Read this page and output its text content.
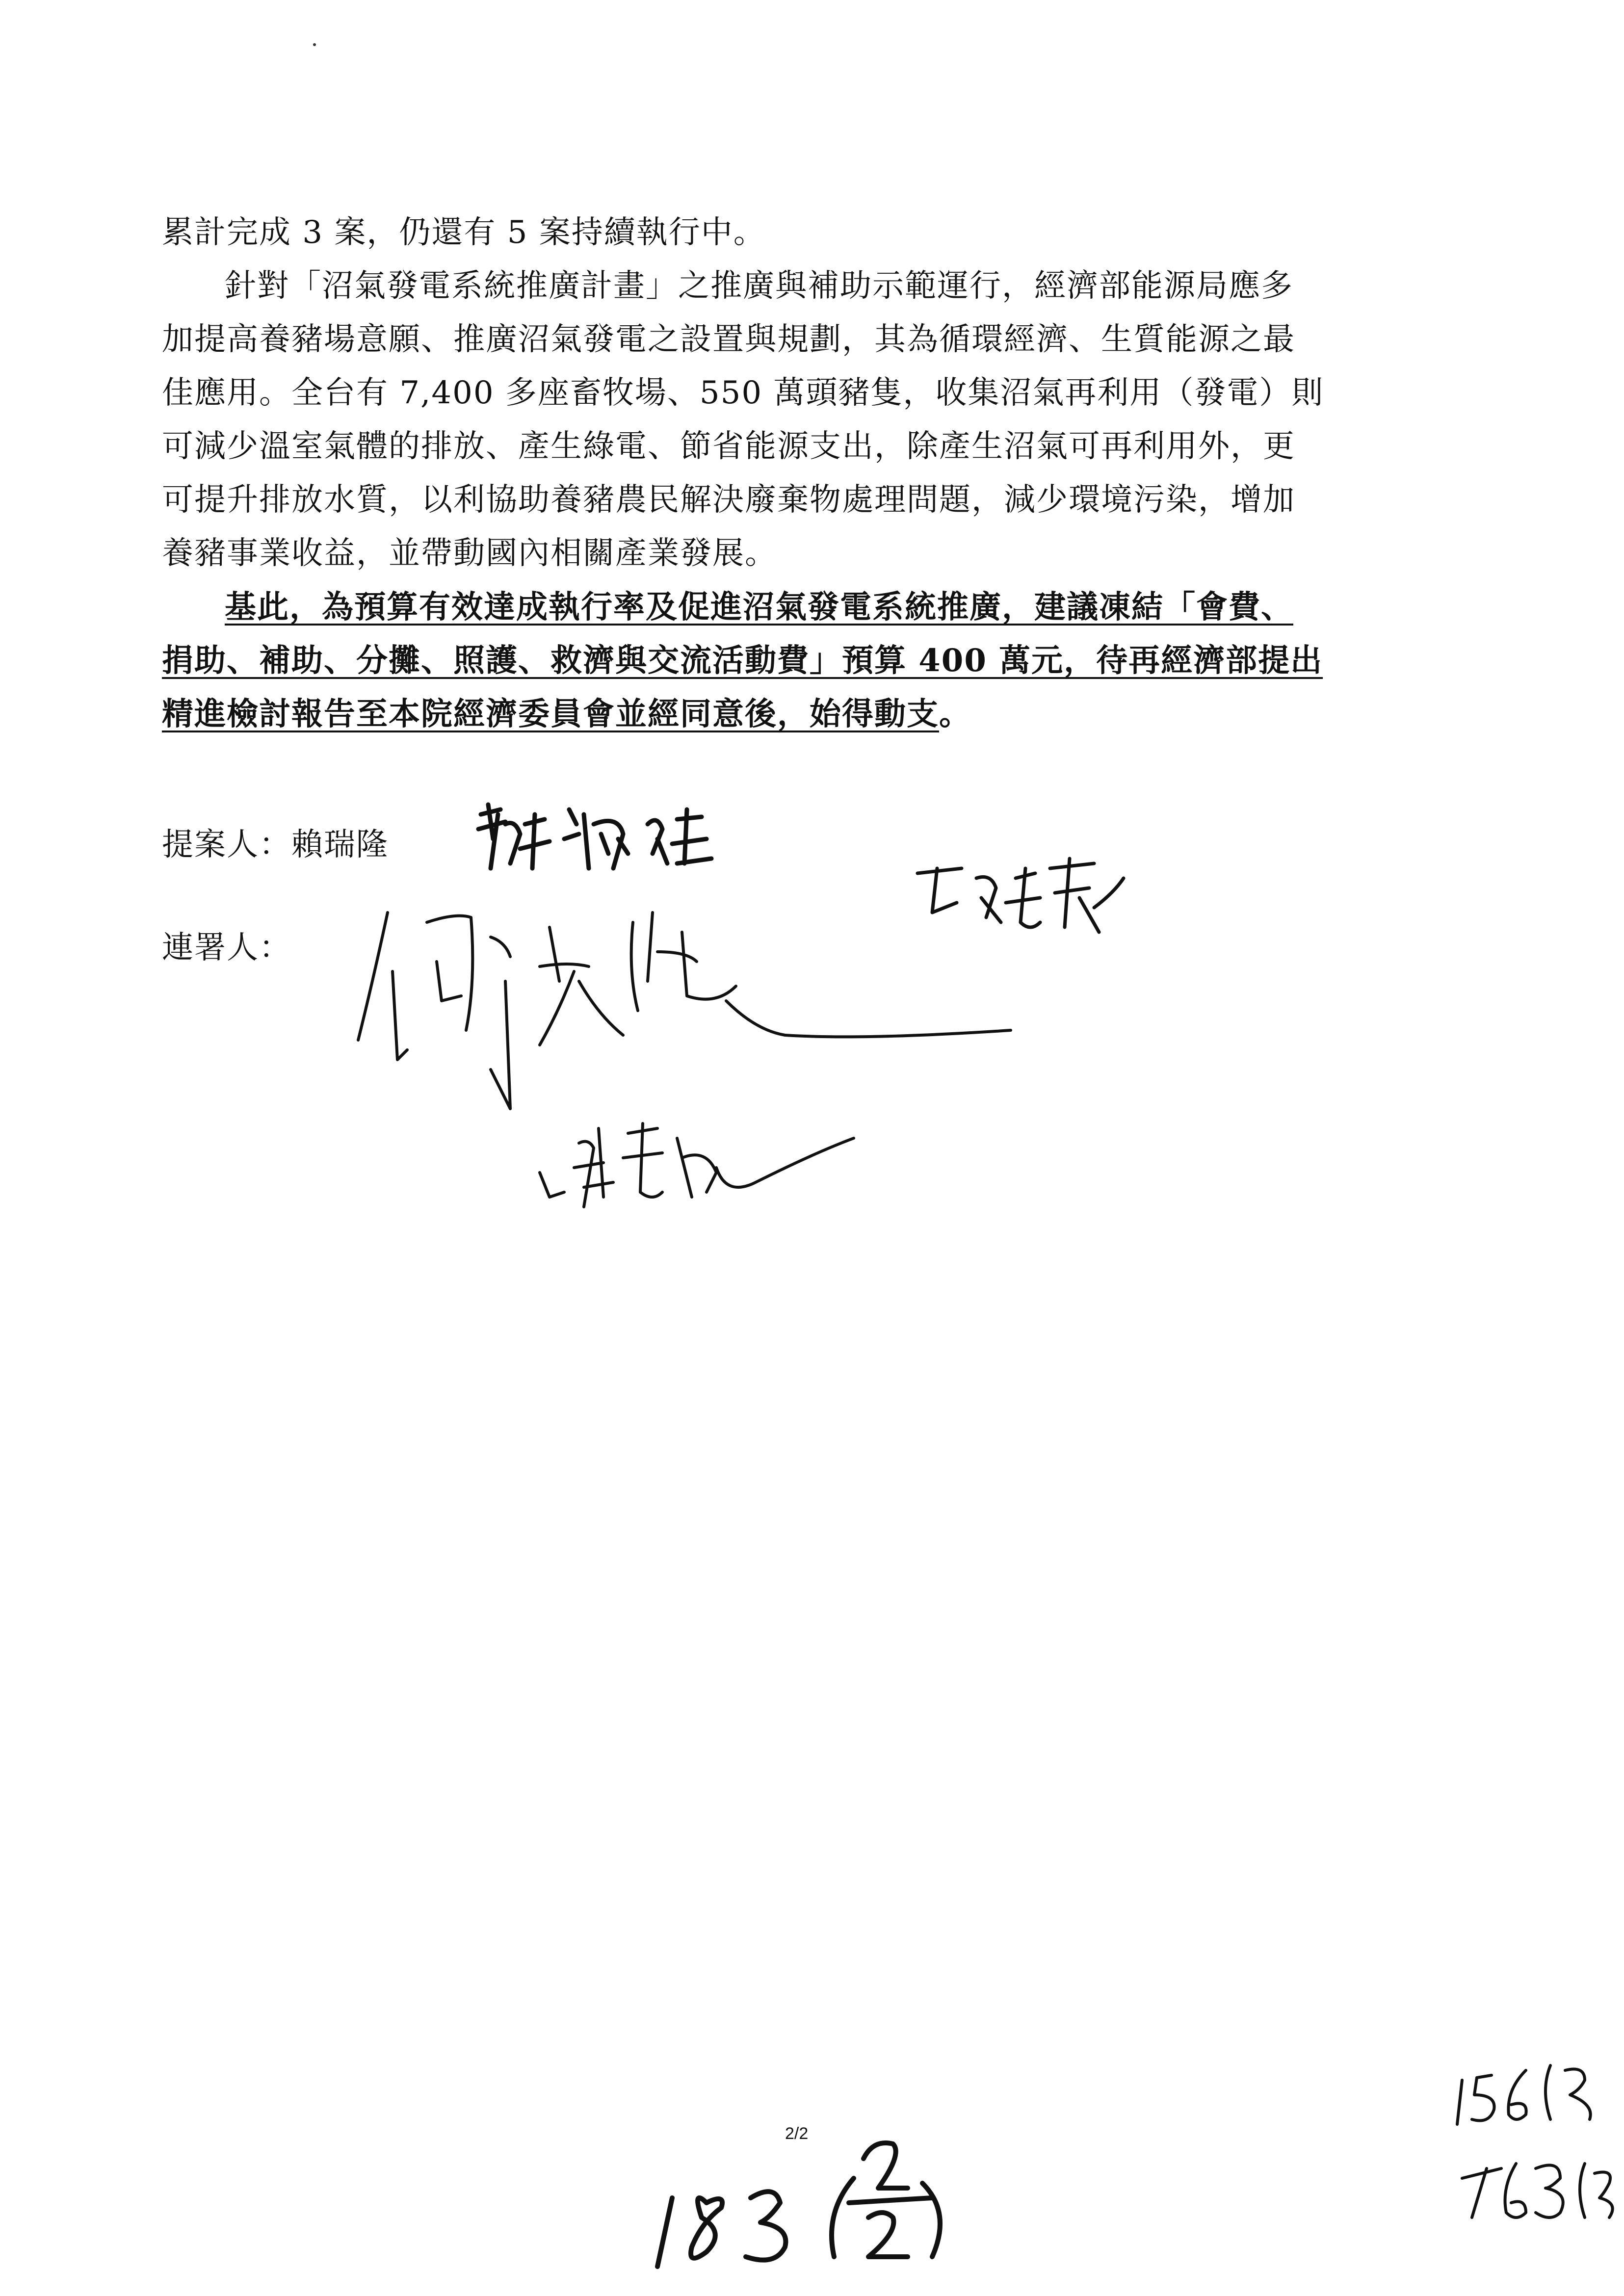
累計完成 3 案，仍還有 5 案持續執行中。
針對「沼氣發電系統推廣計畫」之推廣與補助示範運行，經濟部能源局應多
加提高養豬場意願、推廣沼氣發電之設置與規劃，其為循環經濟、生質能源之最
佳應用。全台有 7,400 多座畜牧場、550 萬頭豬隻，收集沼氣再利用（發電）則
可減少溫室氣體的排放、產生綠電、節省能源支出，除產生沼氣可再利用外，更
可提升排放水質，以利協助養豬農民解決廢棄物處理問題，減少環境污染，增加
養豬事業收益，並帶動國內相關產業發展。
基此，為預算有效達成執行率及促進沼氣發電系統推廣，建議凍結「會費、
捐助、補助、分攤、照護、救濟與交流活動費」預算 400 萬元，待再經濟部提出
精進檢討報告至本院經濟委員會並經同意後，始得動支。
提案人：賴瑞隆
連署人：
2/2
